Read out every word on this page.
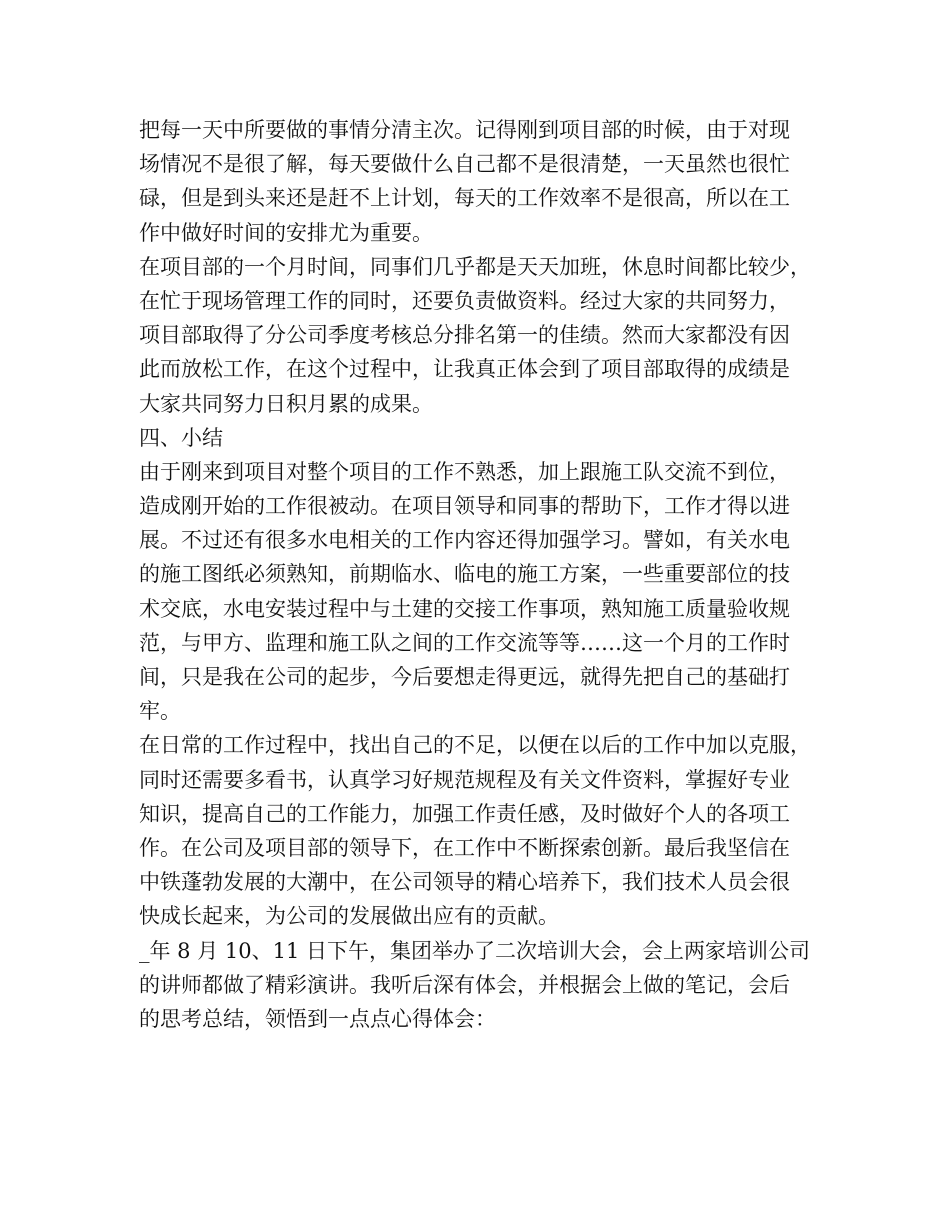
把每一天中所要做的事情分清主次。记得刚到项目部的时候，由于对现
场情况不是很了解，每天要做什么自己都不是很清楚，一天虽然也很忙
碌，但是到头来还是赶不上计划，每天的工作效率不是很高，所以在工
作中做好时间的安排尤为重要。
在项目部的一个月时间，同事们几乎都是天天加班，休息时间都比较少，
在忙于现场管理工作的同时，还要负责做资料。经过大家的共同努力，
项目部取得了分公司季度考核总分排名第一的佳绩。然而大家都没有因
此而放松工作，在这个过程中，让我真正体会到了项目部取得的成绩是
大家共同努力日积月累的成果。
四、小结
由于刚来到项目对整个项目的工作不熟悉，加上跟施工队交流不到位，
造成刚开始的工作很被动。在项目领导和同事的帮助下，工作才得以进
展。不过还有很多水电相关的工作内容还得加强学习。譬如，有关水电
的施工图纸必须熟知，前期临水、临电的施工方案，一些重要部位的技
术交底，水电安装过程中与土建的交接工作事项，熟知施工质量验收规
范，与甲方、监理和施工队之间的工作交流等等……这一个月的工作时
间，只是我在公司的起步，今后要想走得更远，就得先把自己的基础打
牢。
在日常的工作过程中，找出自己的不足，以便在以后的工作中加以克服，
同时还需要多看书，认真学习好规范规程及有关文件资料，掌握好专业
知识，提高自己的工作能力，加强工作责任感，及时做好个人的各项工
作。在公司及项目部的领导下，在工作中不断探索创新。最后我坚信在
中铁蓬勃发展的大潮中，在公司领导的精心培养下，我们技术人员会很
快成长起来，为公司的发展做出应有的贡献。
_年 8 月 10、11 日下午，集团举办了二次培训大会，会上两家培训公司
的讲师都做了精彩演讲。我听后深有体会，并根据会上做的笔记，会后
的思考总结，领悟到一点点心得体会：
